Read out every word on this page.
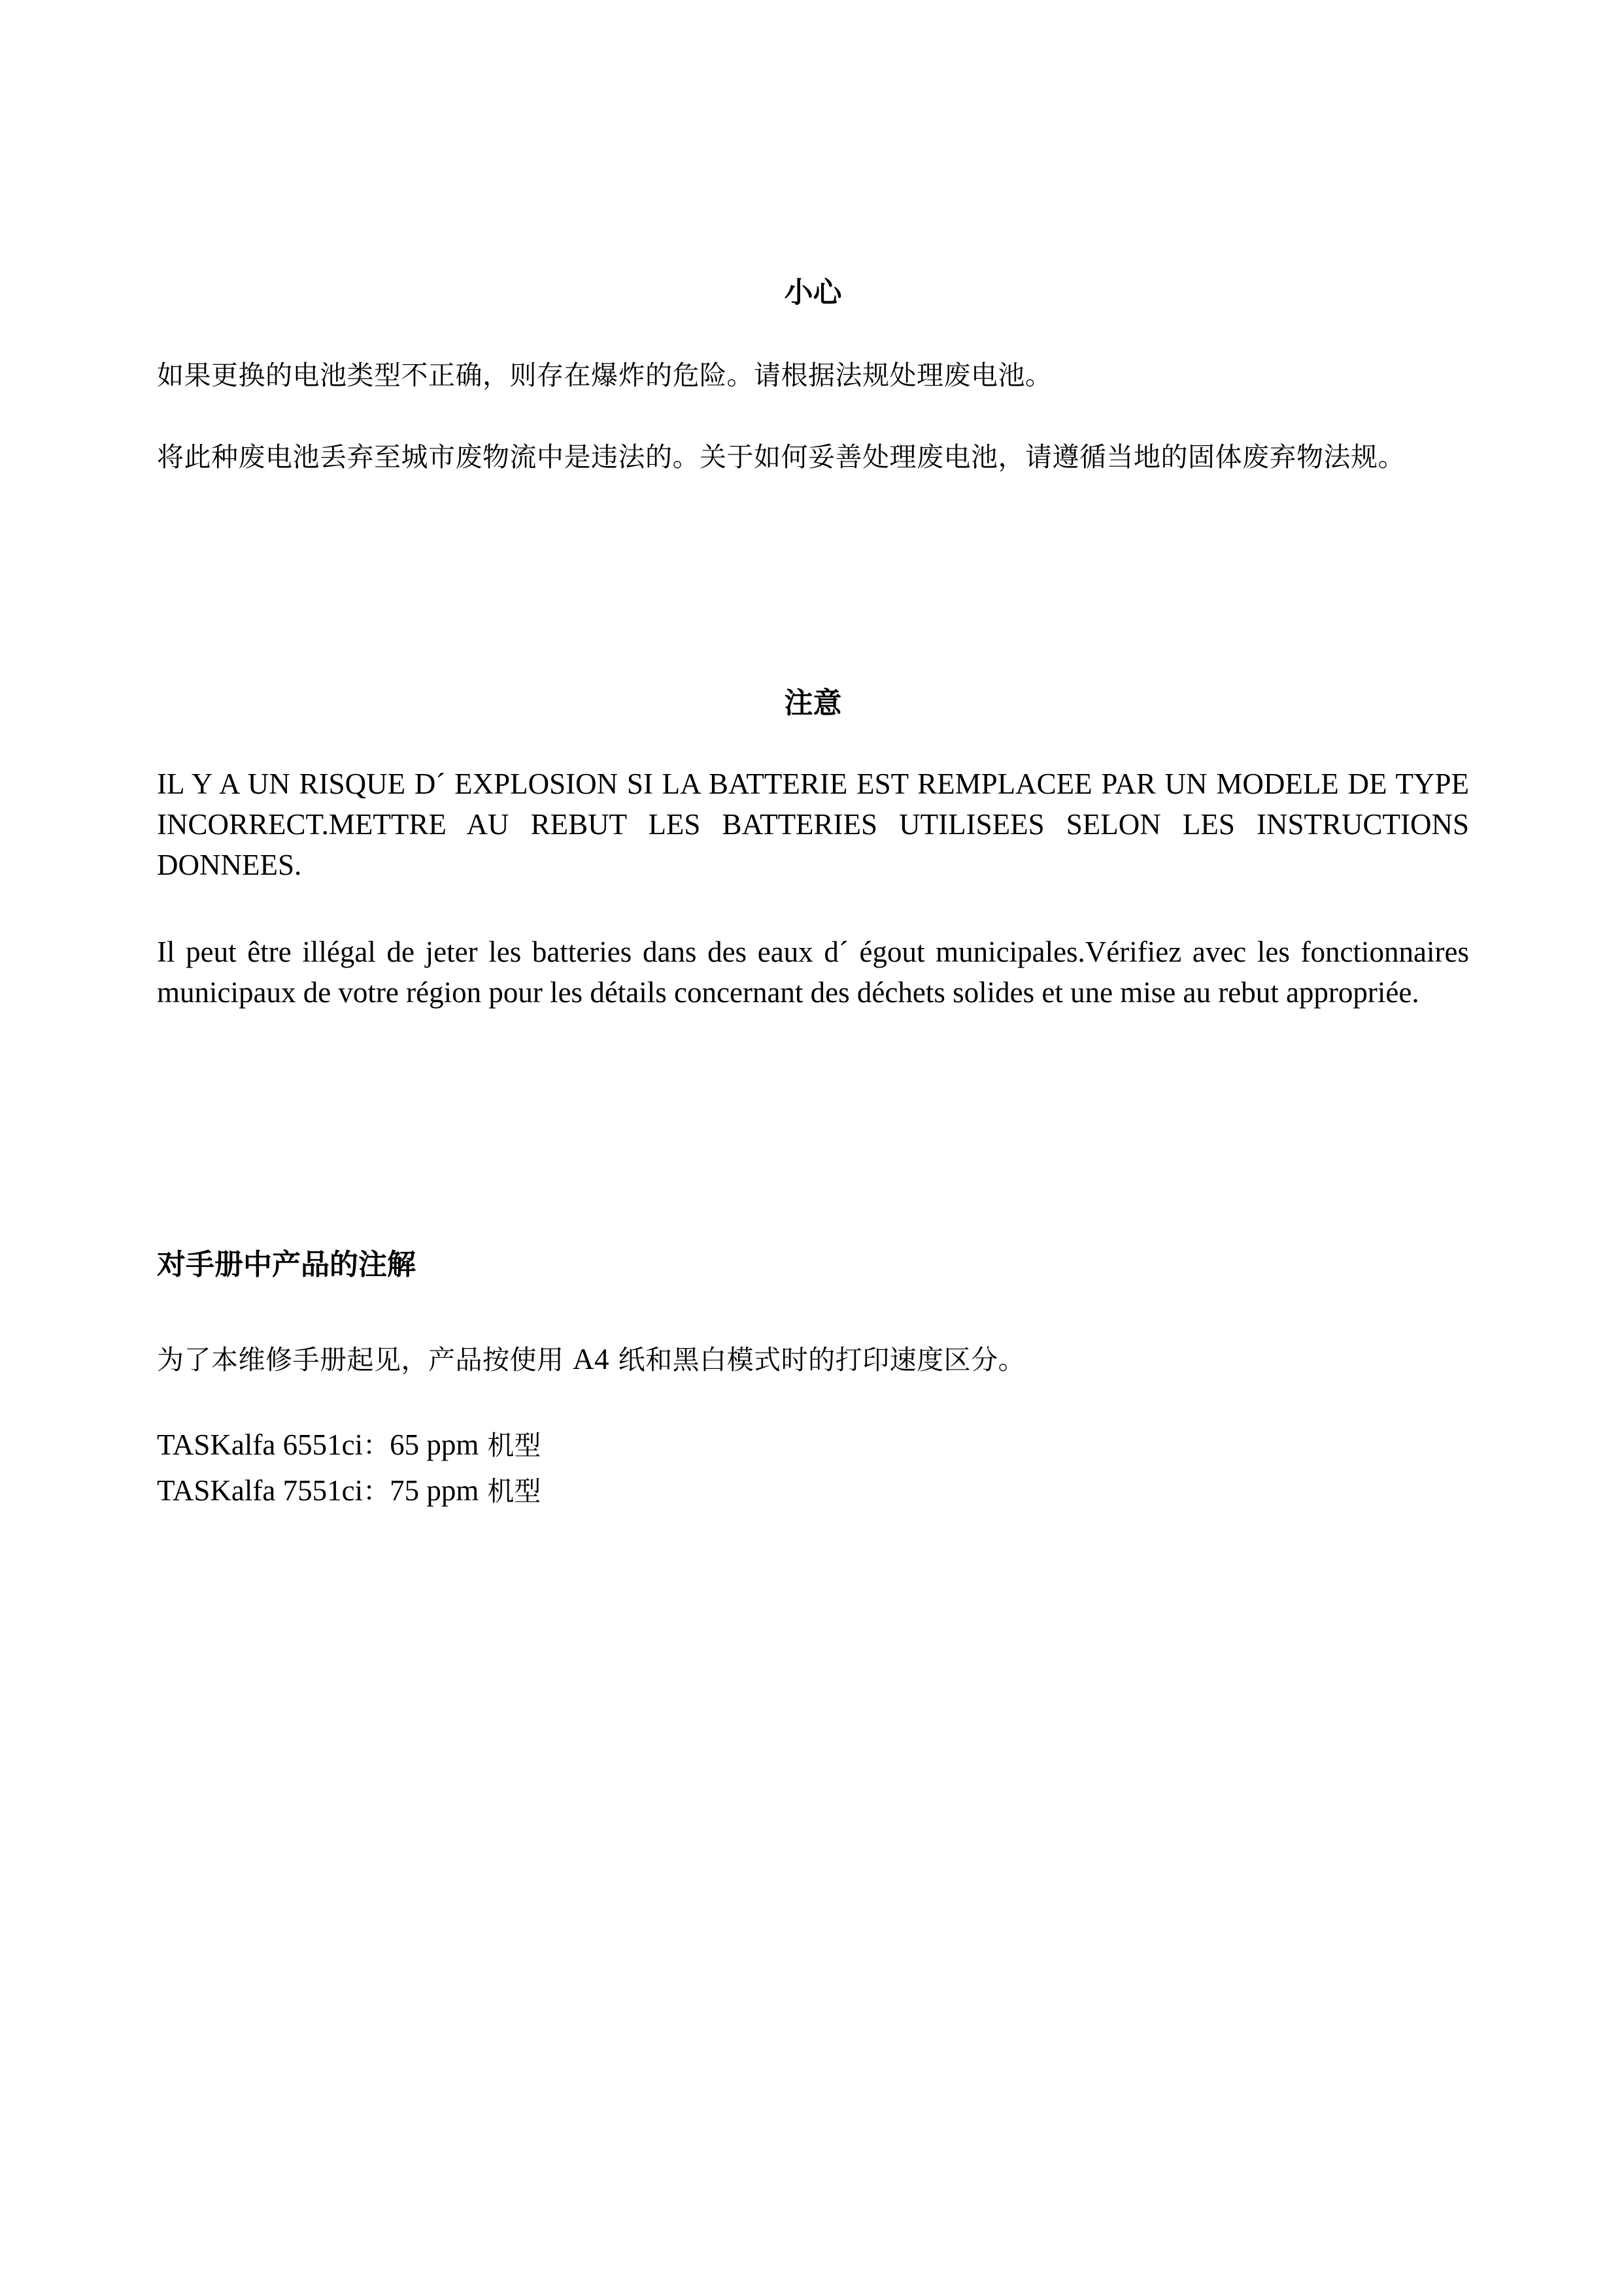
小心

如果更换的电池类型不正确，则存在爆炸的危险。请根据法规处理废电池。

将此种废电池丢弃至城市废物流中是违法的。关于如何妥善处理废电池，请遵循当地的固体废弃物法规。

注意

IL Y A UN RISQUE D´ EXPLOSION SI LA BATTERIE EST REMPLACEE PAR UN MODELE DE TYPE INCORRECT.METTRE AU REBUT LES BATTERIES UTILISEES SELON LES INSTRUCTIONS DONNEES.

Il peut être illégal de jeter les batteries dans des eaux d´ égout municipales.Vérifiez avec les fonctionnaires municipaux de votre région pour les détails concernant des déchets solides et une mise au rebut appropriée.

对手册中产品的注解

为了本维修手册起见，产品按使用 A4 纸和黑白模式时的打印速度区分。

TASKalfa 6551ci：65 ppm 机型
TASKalfa 7551ci：75 ppm 机型
